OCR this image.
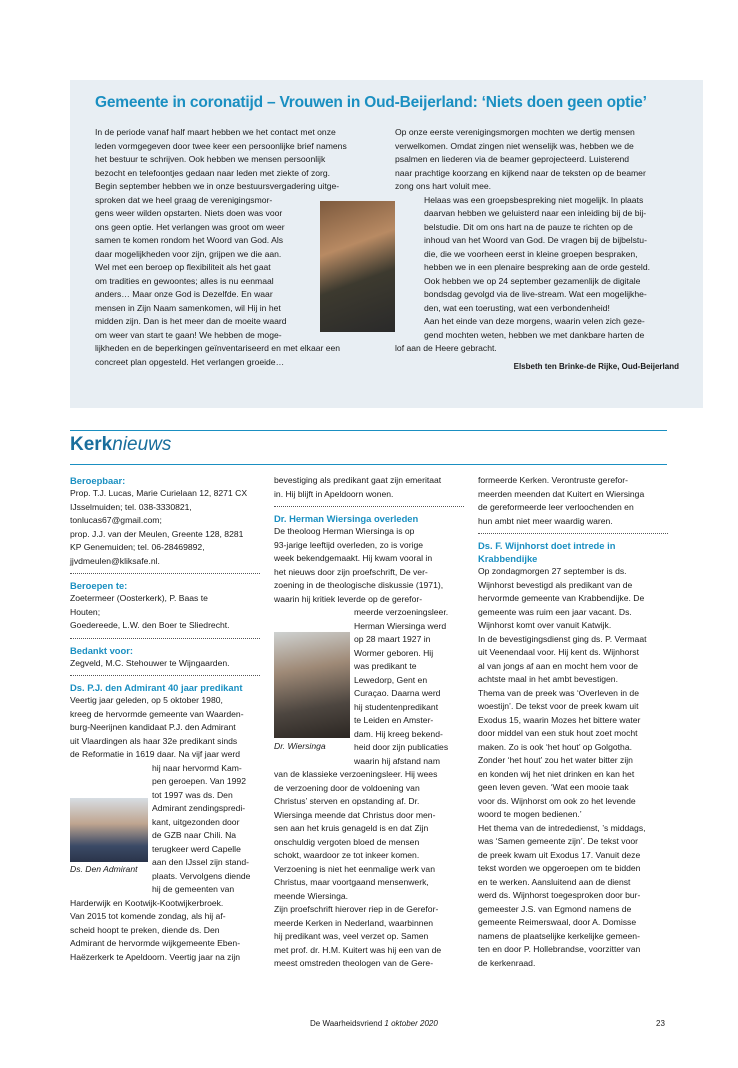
Gemeente in coronatijd – Vrouwen in Oud-Beijerland: ‘Niets doen geen optie’

In de periode vanaf half maart hebben we het contact met onze

leden vormgegeven door twee keer een persoonlijke brief namens

het bestuur te schrijven. Ook hebben we mensen persoonlijk

bezocht en telefoontjes gedaan naar leden met ziekte of zorg.

Begin september hebben we in onze bestuursvergadering uitge-

sproken dat we heel graag de verenigingsmor-

gens weer wilden opstarten. Niets doen was voor

ons geen optie. Het verlangen was groot om weer

samen te komen rondom het Woord van God. Als

daar mogelijkheden voor zijn, grijpen we die aan.

Wel met een beroep op flexibiliteit als het gaat

om tradities en gewoontes; alles is nu eenmaal

anders… Maar onze God is Dezelfde. En waar

mensen in Zijn Naam samenkomen, wil Hij in het

midden zijn. Dan is het meer dan de moeite waard

om weer van start te gaan! We hebben de moge-

lijkheden en de beperkingen geïnventariseerd en met elkaar een

concreet plan opgesteld. Het verlangen groeide…

Op onze eerste verenigingsmorgen mochten we dertig mensen

verwelkomen. Omdat zingen niet wenselijk was, hebben we de

psalmen en liederen via de beamer geprojecteerd. Luisterend

naar prachtige koorzang en kijkend naar de teksten op de beamer

zong ons hart voluit mee.

Helaas was een groepsbespreking niet mogelijk. In plaats

daarvan hebben we geluisterd naar een inleiding bij de bij-

belstudie. Dit om ons hart na de pauze te richten op de

inhoud van het Woord van God. De vragen bij de bijbelstu-

die, die we voorheen eerst in kleine groepen bespraken,

hebben we in een plenaire bespreking aan de orde gesteld.

Ook hebben we op 24 september gezamenlijk de digitale

bondsdag gevolgd via de live-stream. Wat een mogelijkhe-

den, wat een toerusting, wat een verbondenheid!

Aan het einde van deze morgens, waarin velen zich geze-

gend mochten weten, hebben we met dankbare harten de

lof aan de Heere gebracht.

Elsbeth ten Brinke-de Rijke, Oud-Beijerland
Kerknieuws

Beroepbaar:

Prop. T.J. Lucas, Marie Curielaan 12, 8271 CX

IJsselmuiden; tel. 038-3330821,

tonlucas67@gmail.com;

prop. J.J. van der Meulen, Greente 128, 8281

KP Genemuiden; tel. 06-28469892,

jjvdmeulen@kliksafe.nl.

Beroepen te:

Zoetermeer (Oosterkerk), P. Baas te

Houten;

Goedereede, L.W. den Boer te Sliedrecht.

Bedankt voor:

Zegveld, M.C. Stehouwer te Wijngaarden.

Ds. P.J. den Admirant 40 jaar predikant

Veertig jaar geleden, op 5 oktober 1980,

kreeg de hervormde gemeente van Waarden-

burg-Neerijnen kandidaat P.J. den Admirant

uit Vlaardingen als haar 32e predikant sinds

de Reformatie in 1619 daar. Na vijf jaar werd

hij naar hervormd Kam-

pen geroepen. Van 1992

tot 1997 was ds. Den

Admirant zendingspredi-

kant, uitgezonden door

de GZB naar Chili. Na

terugkeer werd Capelle

aan den IJssel zijn stand-

plaats. Vervolgens diende

hij de gemeenten van

Harderwijk en Kootwijk-Kootwijkerbroek.

Van 2015 tot komende zondag, als hij af-

scheid hoopt te preken, diende ds. Den

Admirant de hervormde wijkgemeente Eben-

Haëzerkerk te Apeldoorn. Veertig jaar na zijn

Ds. Den Admirant

bevestiging als predikant gaat zijn emeritaat

in. Hij blijft in Apeldoorn wonen.

Dr. Herman Wiersinga overleden

De theoloog Herman Wiersinga is op

93-jarige leeftijd overleden, zo is vorige

week bekendgemaakt. Hij kwam vooral in

het nieuws door zijn proefschrift, De ver-

zoening in de theologische diskussie (1971),

waarin hij kritiek leverde op de gerefor-

meerde verzoeningsleer.

Herman Wiersinga werd

op 28 maart 1927 in

Wormer geboren. Hij

was predikant te

Lewedorp, Gent en

Curaçao. Daarna werd

hij studentenpredikant

te Leiden en Amster-

dam. Hij kreeg bekend-

heid door zijn publicaties

waarin hij afstand nam

van de klassieke verzoeningsleer. Hij wees

de verzoening door de voldoening van

Christus’ sterven en opstanding af. Dr.

Wiersinga meende dat Christus door men-

sen aan het kruis genageld is en dat Zijn

onschuldig vergoten bloed de mensen

schokt, waardoor ze tot inkeer komen.

Verzoening is niet het eenmalige werk van

Christus, maar voortgaand mensenwerk,

meende Wiersinga.

Zijn proefschrift hierover riep in de Gerefor-

meerde Kerken in Nederland, waarbinnen

hij predikant was, veel verzet op. Samen

met prof. dr. H.M. Kuitert was hij een van de

meest omstreden theologen van de Gere-

Dr. Wiersinga

formeerde Kerken. Verontruste gerefor-

meerden meenden dat Kuitert en Wiersinga

de gereformeerde leer verloochenden en

hun ambt niet meer waardig waren.

Ds. F. Wijnhorst doet intrede in

Krabbendijke

Op zondagmorgen 27 september is ds.

Wijnhorst bevestigd als predikant van de

hervormde gemeente van Krabbendijke. De

gemeente was ruim een jaar vacant. Ds.

Wijnhorst komt over vanuit Katwijk.

In de bevestigingsdienst ging ds. P. Vermaat

uit Veenendaal voor. Hij kent ds. Wijnhorst

al van jongs af aan en mocht hem voor de

achtste maal in het ambt bevestigen.

Thema van de preek was ‘Overleven in de

woestijn’. De tekst voor de preek kwam uit

Exodus 15, waarin Mozes het bittere water

door middel van een stuk hout zoet mocht

maken. Zo is ook ‘het hout’ op Golgotha.

Zonder ‘het hout’ zou het water bitter zijn

en konden wij het niet drinken en kan het

geen leven geven. ‘Wat een mooie taak

voor ds. Wijnhorst om ook zo het levende

woord te mogen bedienen.’

Het thema van de intrededienst, ’s middags,

was ‘Samen gemeente zijn’. De tekst voor

de preek kwam uit Exodus 17. Vanuit deze

tekst worden we opgeroepen om te bidden

en te werken. Aansluitend aan de dienst

werd ds. Wijnhorst toegesproken door bur-

gemeester J.S. van Egmond namens de

gemeente Reimerswaal, door A. Domisse

namens de plaatselijke kerkelijke gemeen-

ten en door P. Hollebrandse, voorzitter van

de kerkenraad.

De Waarheidsvriend 1 oktober 2020	23
